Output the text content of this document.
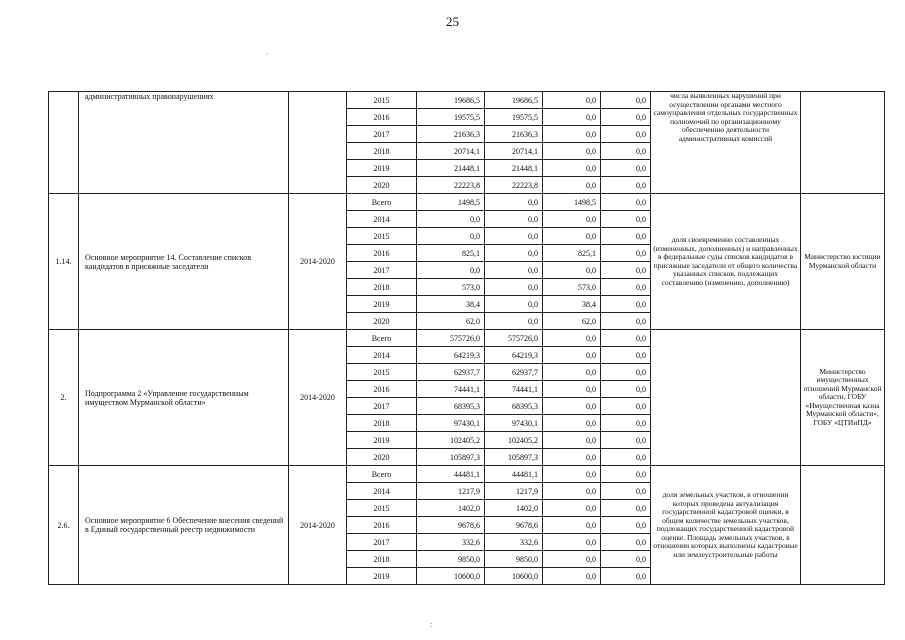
25
	административных правонарушениях		2015	19686,5	19686,5	0,0	0,0	числа выявленных нарушений при осуществлении органами местного самоуправления отдельных государственных полномочий по организационному обеспечению деятельности административных комиссий	
			2016	19575,5	19575,5	0,0	0,0		
			2017	21636,3	21636,3	0,0	0,0		
			2018	20714,1	20714,1	0,0	0,0		
			2019	21448,1	21448,1	0,0	0,0		
			2020	22223,8	22223,8	0,0	0,0		
1.14.	Основное мероприятие 14. Составление списков кандидатов в присяжные заседатели	2014-2020	Всего	1498,5	0,0	1498,5	0,0	доля своевременно составленных (измененных, дополненных) и направленных в федеральные суды списков кандидатов в присяжные заседатели от общего количества указанных списков, подлежащих составлению (изменению, дополнению)	Министерство юстиции Мурманской области
			2014	0,0	0,0	0,0	0,0		
			2015	0,0	0,0	0,0	0,0		
			2016	825,1	0,0	825,1	0,0		
			2017	0,0	0,0	0,0	0,0		
			2018	573,0	0,0	573,0	0,0		
			2019	38,4	0,0	38,4	0,0		
			2020	62,0	0,0	62,0	0,0		
2.	Подпрограмма 2 «Управление государственным имуществом Мурманской области»	2014-2020	Всего	575726,0	575726,0	0,0	0,0		Министерство имущественных отношений Мурманской области, ГОБУ «Имущественная казна Мурманской области», ГОБУ «ЦТИиПД»
			2014	64219,3	64219,3	0,0	0,0		
			2015	62937,7	62937,7	0,0	0,0		
			2016	74441,1	74441,1	0,0	0,0		
			2017	68395,3	68395,3	0,0	0,0		
			2018	97430,1	97430,1	0,0	0,0		
			2019	102405,2	102405,2	0,0	0,0		
			2020	105897,3	105897,3	0,0	0,0		
2.6.	Основное мероприятие 6 Обеспечение внесения сведений в Единый государственный реестр недвижимости	2014-2020	Всего	44481,1	44481,1	0,0	0,0	доля земельных участков, в отношении которых проведена актуализация государственной кадастровой оценки, в общем количестве земельных участков, подлежащих государственной кадастровой оценке. Площадь земельных участков, в отношении которых выполнены кадастровые или землеустроительные работы	
			2014	1217,9	1217,9	0,0	0,0		
			2015	1402,0	1402,0	0,0	0,0		
			2016	9678,6	9678,6	0,0	0,0		
			2017	332,6	332,6	0,0	0,0		
			2018	9850,0	9850,0	0,0	0,0		
			2019	10600,0	10600,0	0,0	0,0		
·
:
